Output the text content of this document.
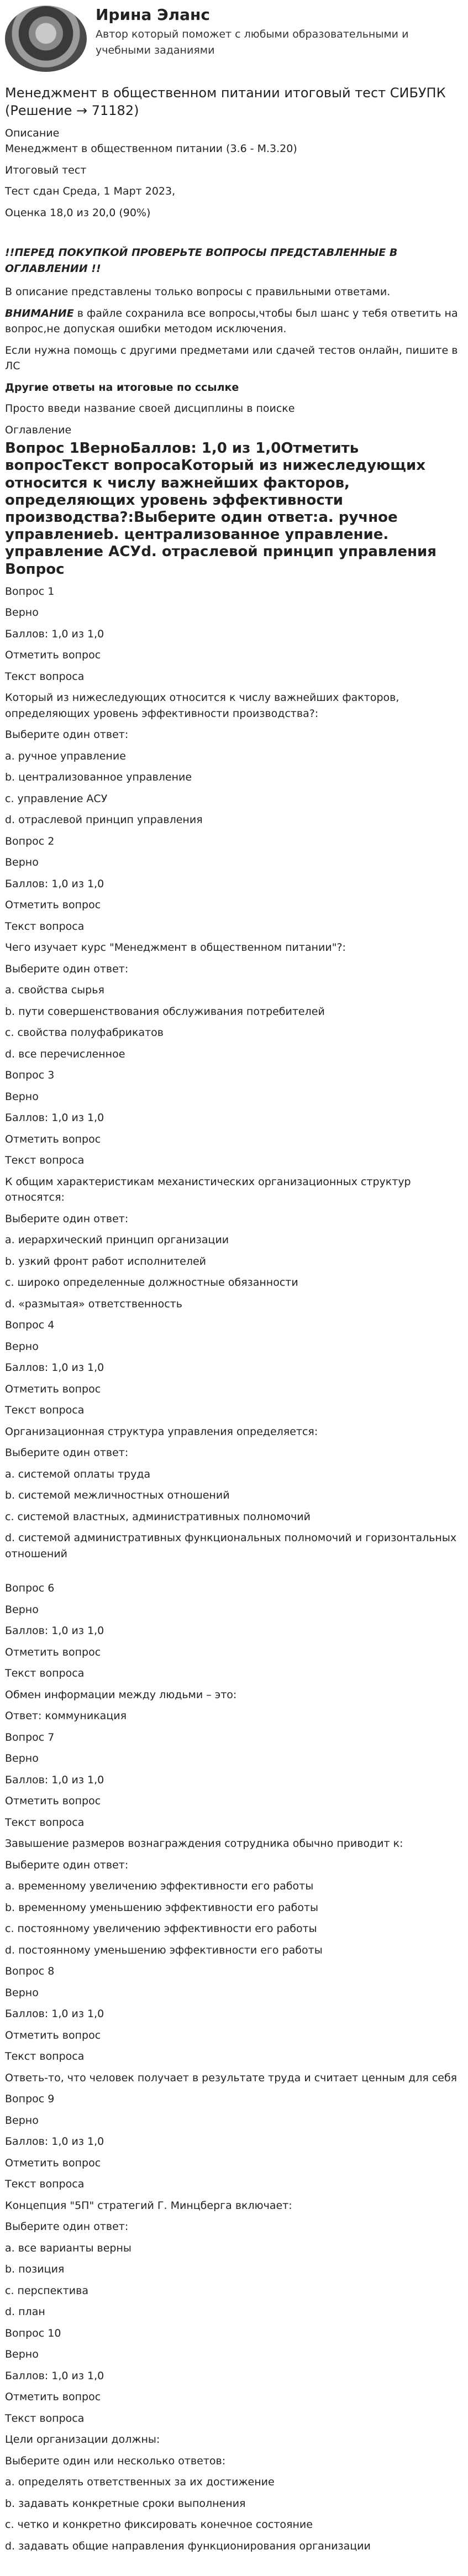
Ирина Эланс
Автор который поможет с любыми образовательными и учебными заданиями
Менеджмент в общественном питании итоговый тест СИБУПК (Решение → 71182)
Описание
Менеджмент в общественном питании (3.6 - М.3.20)
Итоговый тест
Тест сдан Среда, 1 Март 2023,
Оценка 18,0 из 20,0 (90%)
!!ПЕРЕД ПОКУПКОЙ ПРОВЕРЬТЕ ВОПРОСЫ ПРЕДСТАВЛЕННЫЕ В ОГЛАВЛЕНИИ !!
В описание представлены только вопросы с правильными ответами.
ВНИМАНИЕ в файле сохранила все вопросы,чтобы был шанс у тебя ответить на вопрос,не допуская ошибки методом исключения.
Если нужна помощь с другими предметами или сдачей тестов онлайн, пишите в ЛС
Другие ответы на итоговые по ссылке
Просто введи название своей дисциплины в поиске
Оглавление
Вопрос 1ВерноБаллов: 1,0 из 1,0Отметить вопросТекст вопросаКоторый из нижеследующих относится к числу важнейших факторов, определяющих уровень эффективности производства?:Выберите один ответ:a. ручное управлениеb. централизованное управление. управление АСУd. отраслевой принцип управления Вопрос
Вопрос 1
Верно
Баллов: 1,0 из 1,0
Отметить вопрос
Текст вопроса
Который из нижеследующих относится к числу важнейших факторов, определяющих уровень эффективности производства?:
Выберите один ответ:
a. ручное управление
b. централизованное управление
c. управление АСУ
d. отраслевой принцип управления
Вопрос 2
Верно
Баллов: 1,0 из 1,0
Отметить вопрос
Текст вопроса
Чего изучает курс "Менеджмент в общественном питании"?:
Выберите один ответ:
a. свойства сырья
b. пути совершенствования обслуживания потребителей
c. свойства полуфабрикатов
d. все перечисленное
Вопрос 3
Верно
Баллов: 1,0 из 1,0
Отметить вопрос
Текст вопроса
К общим характеристикам механистических организационных структур относятся:
Выберите один ответ:
a. иерархический принцип организации
b. узкий фронт работ исполнителей
c. широко определенные должностные обязанности
d. «размытая» ответственность
Вопрос 4
Верно
Баллов: 1,0 из 1,0
Отметить вопрос
Текст вопроса
Организационная структура управления определяется:
Выберите один ответ:
a. системой оплаты труда
b. системой межличностных отношений
c. системой властных, административных полномочий
d. системой административных функциональных полномочий и горизонтальных отношений
Вопрос 6
Верно
Баллов: 1,0 из 1,0
Отметить вопрос
Текст вопроса
Обмен информации между людьми – это:
Ответ: коммуникация
Вопрос 7
Верно
Баллов: 1,0 из 1,0
Отметить вопрос
Текст вопроса
Завышение размеров вознаграждения сотрудника обычно приводит к:
Выберите один ответ:
a. временному увеличению эффективности его работы
b. временному уменьшению эффективности его работы
c. постоянному увеличению эффективности его работы
d. постоянному уменьшению эффективности его работы
Вопрос 8
Верно
Баллов: 1,0 из 1,0
Отметить вопрос
Текст вопроса
Ответь-то, что человек получает в результате труда и считает ценным для себя
Вопрос 9
Верно
Баллов: 1,0 из 1,0
Отметить вопрос
Текст вопроса
Концепция "5П" стратегий Г. Минцберга включает:
Выберите один ответ:
a. все варианты верны
b. позиция
c. перспектива
d. план
Вопрос 10
Верно
Баллов: 1,0 из 1,0
Отметить вопрос
Текст вопроса
Цели организации должны:
Выберите один или несколько ответов:
a. определять ответственных за их достижение
b. задавать конкретные сроки выполнения
c. четко и конкретно фиксировать конечное состояние
d. задавать общие направления функционирования организации
